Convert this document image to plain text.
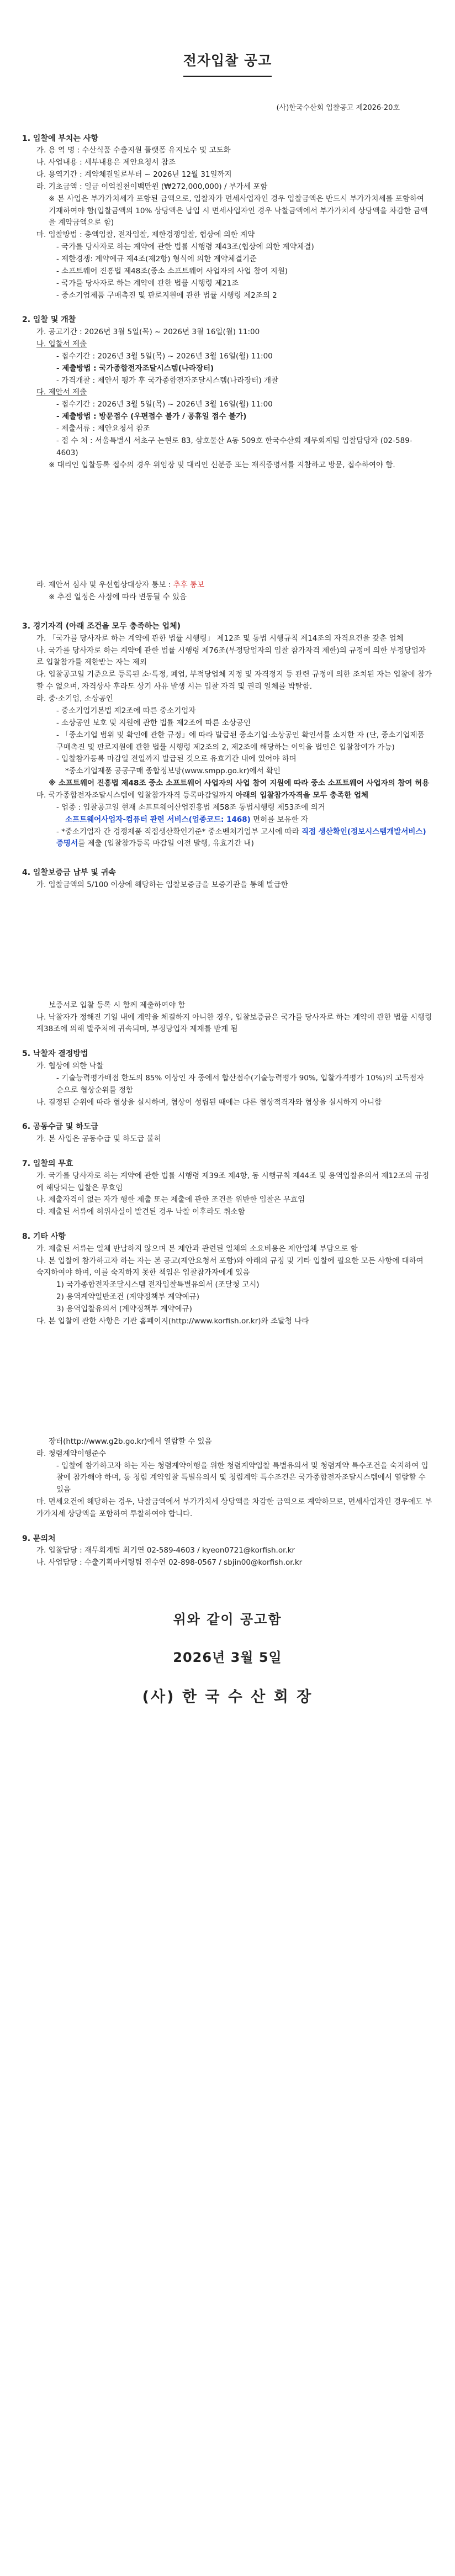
전자입찰 공고
(사)한국수산회 입찰공고 제2026-20호
1. 입찰에 부치는 사항
가. 용 역 명 : 수산식품 수출지원 플랫폼 유지보수 및 고도화
나. 사업내용 : 세부내용은 제안요청서 참조
다. 용역기간 : 계약체결일로부터 ~ 2026년 12월 31일까지
라. 기초금액 : 일금 이억칠천이백만원 (₩272,000,000) / 부가세 포함
※ 본 사업은 부가가치세가 포함된 금액으로, 입찰자가 면세사업자인 경우 입찰금액은 반드시 부가가치세를 포함하여 기재하여야 함(입찰금액의 10% 상당액은 납입 시 면세사업자인 경우 낙찰금액에서 부가가치세 상당액을 차감한 금액을 계약금액으로 함)
마. 입찰방법 : 총액입찰, 전자입찰, 제한경쟁입찰, 협상에 의한 계약
- 국가를 당사자로 하는 계약에 관한 법률 시행령 제43조(협상에 의한 계약체결)
- 제한경쟁: 계약예규 제4조(제2항) 형식에 의한 계약체결기준
- 소프트웨어 진흥법 제48조(중소 소프트웨어 사업자의 사업 참여 지원)
- 국가를 당사자로 하는 계약에 관한 법률 시행령 제21조
- 중소기업제품 구매촉진 및 판로지원에 관한 법률 시행령 제2조의 2
2. 입찰 및 개찰
가. 공고기간 : 2026년 3월 5일(목) ~ 2026년 3월 16일(월) 11:00
나. 입찰서 제출
- 접수기간 : 2026년 3월 5일(목) ~ 2026년 3월 16일(월) 11:00
- 제출방법 : 국가종합전자조달시스템(나라장터)
- 가격개찰 : 제안서 평가 후 국가종합전자조달시스템(나라장터) 개찰
다. 제안서 제출
- 접수기간 : 2026년 3월 5일(목) ~ 2026년 3월 16일(월) 11:00
- 제출방법 : 방문접수 (우편접수 불가 / 공휴일 접수 불가)
- 제출서류 : 제안요청서 참조
- 접 수 처 : 서울특별시 서초구 논현로 83, 삼호물산 A동 509호 한국수산회 재무회계팀 입찰담당자 (02-589-4603)
※ 대리인 입찰등록 접수의 경우 위임장 및 대리인 신분증 또는 재직증명서를 지참하고 방문, 접수하여야 함.
라. 제안서 심사 및 우선협상대상자 통보 : 추후 통보
※ 추진 일정은 사정에 따라 변동될 수 있음
3. 경기자격 (아래 조건을 모두 충족하는 업체)
가. 「국가를 당사자로 하는 계약에 관한 법률 시행령」 제12조 및 동법 시행규칙 제14조의 자격요건을 갖춘 업체
나. 국가를 당사자로 하는 계약에 관한 법률 시행령 제76조(부정당업자의 입찰 참가자격 제한)의 규정에 의한 부정당업자로 입찰참가를 제한받는 자는 제외
다. 입찰공고일 기준으로 등록된 소·특정, 폐업, 부적당업체 지정 및 자격정지 등 관련 규정에 의한 조치된 자는 입찰에 참가할 수 없으며, 자격상사 후라도 상기 사유 발생 시는 입찰 자격 및 권리 일체를 박탈함.
라. 중·소기업, 소상공인
- 중소기업기본법 제2조에 따른 중소기업자
- 소상공인 보호 및 지원에 관한 법률 제2조에 따른 소상공인
- 「중소기업 범위 및 확인에 관한 규정」에 따라 발급된 중소기업·소상공인 확인서를 소지한 자 (단, 중소기업제품 구매촉진 및 판로지원에 관한 법률 시행령 제2조의 2, 제2조에 해당하는 이익을 법인은 입찰참여가 가능)
- 입찰참가등록 마감일 전일까지 발급된 것으로 유효기간 내에 있어야 하며
*중소기업제품 공공구매 종합정보망(www.smpp.go.kr)에서 확인
※ 소프트웨어 진흥법 제48조 중소 소프트웨어 사업자의 사업 참여 지원에 따라 중소 소프트웨어 사업자의 참여 허용
마. 국가종합전자조달시스템에 입찰참가자격 등록마감일까지 아래의 입찰참가자격을 모두 충족한 업체
- 업종 : 입찰공고일 현재 소프트웨어산업진흥법 제58조 동법시행령 제53조에 의거
소프트웨어사업자-컴퓨터 관련 서비스(업종코드: 1468) 면허를 보유한 자
- *중소기업자 간 경쟁제품 직접생산확인기준* 중소벤처기업부 고시에 따라 직접 생산확인(정보시스템개발서비스) 증명서를 제출 (입찰참가등록 마감일 이전 발행, 유효기간 내)
4. 입찰보증금 납부 및 귀속
가. 입찰금액의 5/100 이상에 해당하는 입찰보증금을 보증기관을 통해 발급한
보증서로 입찰 등록 시 함께 제출하여야 함
나. 낙찰자가 정해진 기일 내에 계약을 체결하지 아니한 경우, 입찰보증금은 국가를 당사자로 하는 계약에 관한 법률 시행령 제38조에 의해 발주처에 귀속되며, 부정당업자 제재를 받게 됨
5. 낙찰자 결정방법
가. 협상에 의한 낙찰
- 기술능력평가배점 한도의 85% 이상인 자 중에서 합산점수(기술능력평가 90%, 입찰가격평가 10%)의 고득점자 순으로 협상순위를 정함
나. 결정된 순위에 따라 협상을 실시하며, 협상이 성립된 때에는 다른 협상적격자와 협상을 실시하지 아니함
6. 공동수급 및 하도급
가. 본 사업은 공동수급 및 하도급 불허
7. 입찰의 무효
가. 국가를 당사자로 하는 계약에 관한 법률 시행령 제39조 제4항, 동 시행규칙 제44조 및 용역입찰유의서 제12조의 규정에 해당되는 입찰은 무효임
나. 제출자격이 없는 자가 행한 제출 또는 제출에 관한 조건을 위반한 입찰은 무효임
다. 제출된 서류에 허위사실이 발견된 경우 낙찰 이후라도 취소함
8. 기타 사항
가. 제출된 서류는 일체 반납하지 않으며 본 제안과 관련된 일체의 소요비용은 제안업체 부담으로 함
나. 본 입찰에 참가하고자 하는 자는 본 공고(제안요청서 포함)와 아래의 규정 및 기타 입찰에 필요한 모든 사항에 대하여 숙지하여야 하며, 이를 숙지하지 못한 책임은 입찰참가자에게 있음
1) 국가종합전자조달시스템 전자입찰특별유의서 (조달청 고시)
2) 용역계약일반조건 (계약정책부 계약예규)
3) 용역입찰유의서 (계약정책부 계약예규)
다. 본 입찰에 관한 사항은 기관 홈페이지(http://www.korfish.or.kr)와 조달청 나라
장터(http://www.g2b.go.kr)에서 열람할 수 있음
라. 청렴계약이행준수
- 입찰에 참가하고자 하는 자는 청렴계약이행을 위한 청렴계약입찰 특별유의서 및 청렴계약 특수조건을 숙지하여 입찰에 참가해야 하며, 동 청렴 계약입찰 특별유의서 및 청렴계약 특수조건은 국가종합전자조달시스템에서 열람할 수 있음
마. 면세요건에 해당하는 경우, 낙찰금액에서 부가가치세 상당액을 차감한 금액으로 계약하므로, 면세사업자인 경우에도 부가가치세 상당액을 포함하여 투찰하여야 합니다.
9. 문의처
가. 입찰담당 : 재무회계팀 최기연 02-589-4603 / kyeon0721@korfish.or.kr
나. 사업담당 : 수출기획마케팅팀 진수연 02-898-0567 / sbjin00@korfish.or.kr
위와 같이 공고함
2026년 3월 5일
(사) 한 국 수 산 회 장
